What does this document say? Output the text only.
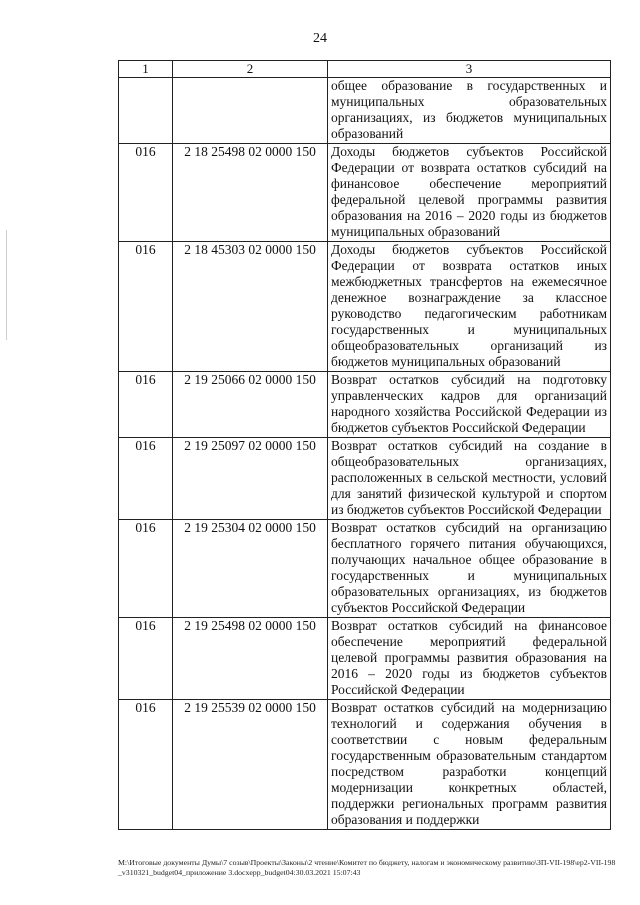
24
1	2	3
		общее образование в государственных и муниципальных образовательных организациях, из бюджетов муниципальных образований
016	2 18 25498 02 0000 150	Доходы бюджетов субъектов Российской Федерации от возврата остатков субсидий на финансовое обеспечение мероприятий федеральной целевой программы развития образования на 2016 – 2020 годы из бюджетов муниципальных образований
016	2 18 45303 02 0000 150	Доходы бюджетов субъектов Российской Федерации от возврата остатков иных межбюджетных трансфертов на ежемесячное денежное вознаграждение за классное руководство педагогическим работникам государственных и муниципальных общеобразовательных организаций из бюджетов муниципальных образований
016	2 19 25066 02 0000 150	Возврат остатков субсидий на подготовку управленческих кадров для организаций народного хозяйства Российской Федерации из бюджетов субъектов Российской Федерации
016	2 19 25097 02 0000 150	Возврат остатков субсидий на создание в общеобразовательных организациях, расположенных в сельской местности, условий для занятий физической культурой и спортом из бюджетов субъектов Российской Федерации
016	2 19 25304 02 0000 150	Возврат остатков субсидий на организацию бесплатного горячего питания обучающихся, получающих начальное общее образование в государственных и муниципальных образовательных организациях, из бюджетов субъектов Российской Федерации
016	2 19 25498 02 0000 150	Возврат остатков субсидий на финансовое обеспечение мероприятий федеральной целевой программы развития образования на 2016 – 2020 годы из бюджетов субъектов Российской Федерации
016	2 19 25539 02 0000 150	Возврат остатков субсидий на модернизацию технологий и содержания обучения в соответствии с новым федеральным государственным образовательным стандартом посредством разработки концепций модернизации конкретных областей, поддержки региональных программ развития образования и поддержки
М:\Итоговые документы Думы\7 созыв\Проекты\Законы\2 чтение\Комитет по бюджету, налогам и экономическому развитию\ЗП-VII-198\ер2-VII-198_v310321_budget04_приложение 3.docxерр_budget04:30.03.2021 15:07:43
